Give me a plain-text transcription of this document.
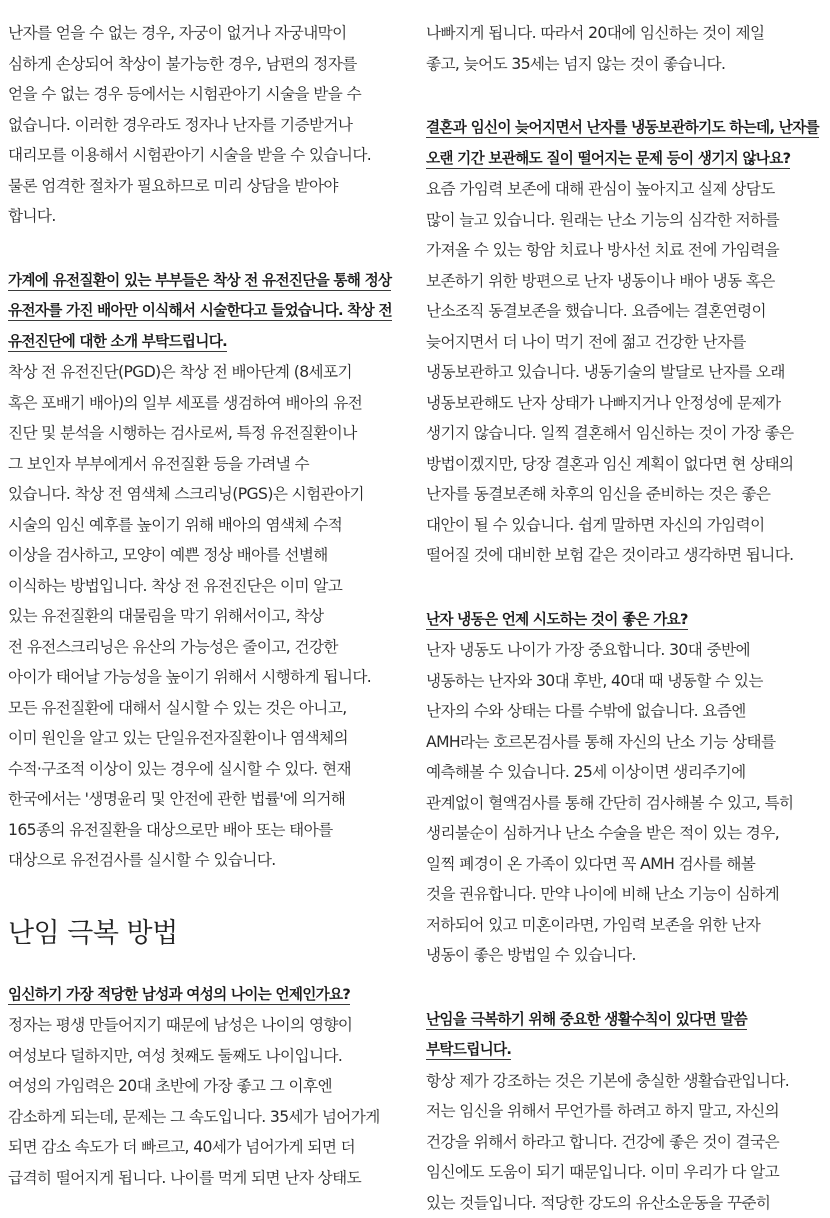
난자를 얻을 수 없는 경우, 자궁이 없거나 자궁내막이
심하게 손상되어 착상이 불가능한 경우, 남편의 정자를
얻을 수 없는 경우 등에서는 시험관아기 시술을 받을 수
없습니다. 이러한 경우라도 정자나 난자를 기증받거나
대리모를 이용해서 시험관아기 시술을 받을 수 있습니다.
물론 엄격한 절차가 필요하므로 미리 상담을 받아야
합니다.

가계에 유전질환이 있는 부부들은 착상 전 유전진단을 통해 정상
유전자를 가진 배아만 이식해서 시술한다고 들었습니다. 착상 전
유전진단에 대한 소개 부탁드립니다.

착상 전 유전진단(PGD)은 착상 전 배아단계 (8세포기
혹은 포배기 배아)의 일부 세포를 생검하여 배아의 유전
진단 및 분석을 시행하는 검사로써, 특정 유전질환이나
그 보인자 부부에게서 유전질환 등을 가려낼 수
있습니다. 착상 전 염색체 스크리닝(PGS)은 시험관아기
시술의 임신 예후를 높이기 위해 배아의 염색체 수적
이상을 검사하고, 모양이 예쁜 정상 배아를 선별해
이식하는 방법입니다. 착상 전 유전진단은 이미 알고
있는 유전질환의 대물림을 막기 위해서이고, 착상
전 유전스크리닝은 유산의 가능성은 줄이고, 건강한
아이가 태어날 가능성을 높이기 위해서 시행하게 됩니다.
모든 유전질환에 대해서 실시할 수 있는 것은 아니고,
이미 원인을 알고 있는 단일유전자질환이나 염색체의
수적·구조적 이상이 있는 경우에 실시할 수 있다. 현재
한국에서는 '생명윤리 및 안전에 관한 법률'에 의거해
165종의 유전질환을 대상으로만 배아 또는 태아를
대상으로 유전검사를 실시할 수 있습니다.

난임 극복 방법

임신하기 가장 적당한 남성과 여성의 나이는 언제인가요?

정자는 평생 만들어지기 때문에 남성은 나이의 영향이
여성보다 덜하지만, 여성 첫째도 둘째도 나이입니다.
여성의 가임력은 20대 초반에 가장 좋고 그 이후엔
감소하게 되는데, 문제는 그 속도입니다. 35세가 넘어가게
되면 감소 속도가 더 빠르고, 40세가 넘어가게 되면 더
급격히 떨어지게 됩니다. 나이를 먹게 되면 난자 상태도

나빠지게 됩니다. 따라서 20대에 임신하는 것이 제일
좋고, 늦어도 35세는 넘지 않는 것이 좋습니다.

결혼과 임신이 늦어지면서 난자를 냉동보관하기도 하는데, 난자를
오랜 기간 보관해도 질이 떨어지는 문제 등이 생기지 않나요?

요즘 가임력 보존에 대해 관심이 높아지고 실제 상담도
많이 늘고 있습니다. 원래는 난소 기능의 심각한 저하를
가져올 수 있는 항암 치료나 방사선 치료 전에 가임력을
보존하기 위한 방편으로 난자 냉동이나 배아 냉동 혹은
난소조직 동결보존을 했습니다. 요즘에는 결혼연령이
늦어지면서 더 나이 먹기 전에 젊고 건강한 난자를
냉동보관하고 있습니다. 냉동기술의 발달로 난자를 오래
냉동보관해도 난자 상태가 나빠지거나 안정성에 문제가
생기지 않습니다. 일찍 결혼해서 임신하는 것이 가장 좋은
방법이겠지만, 당장 결혼과 임신 계획이 없다면 현 상태의
난자를 동결보존해 차후의 임신을 준비하는 것은 좋은
대안이 될 수 있습니다. 쉽게 말하면 자신의 가임력이
떨어질 것에 대비한 보험 같은 것이라고 생각하면 됩니다.

난자 냉동은 언제 시도하는 것이 좋은 가요?

난자 냉동도 나이가 가장 중요합니다. 30대 중반에
냉동하는 난자와 30대 후반, 40대 때 냉동할 수 있는
난자의 수와 상태는 다를 수밖에 없습니다. 요즘엔
AMH라는 호르몬검사를 통해 자신의 난소 기능 상태를
예측해볼 수 있습니다. 25세 이상이면 생리주기에
관계없이 혈액검사를 통해 간단히 검사해볼 수 있고, 특히
생리불순이 심하거나 난소 수술을 받은 적이 있는 경우,
일찍 폐경이 온 가족이 있다면 꼭 AMH 검사를 해볼
것을 권유합니다. 만약 나이에 비해 난소 기능이 심하게
저하되어 있고 미혼이라면, 가임력 보존을 위한 난자
냉동이 좋은 방법일 수 있습니다.

난임을 극복하기 위해 중요한 생활수칙이 있다면 말씀
부탁드립니다.

항상 제가 강조하는 것은 기본에 충실한 생활습관입니다.
저는 임신을 위해서 무언가를 하려고 하지 말고, 자신의
건강을 위해서 하라고 합니다. 건강에 좋은 것이 결국은
임신에도 도움이 되기 때문입니다. 이미 우리가 다 알고
있는 것들입니다. 적당한 강도의 유산소운동을 꾸준히
